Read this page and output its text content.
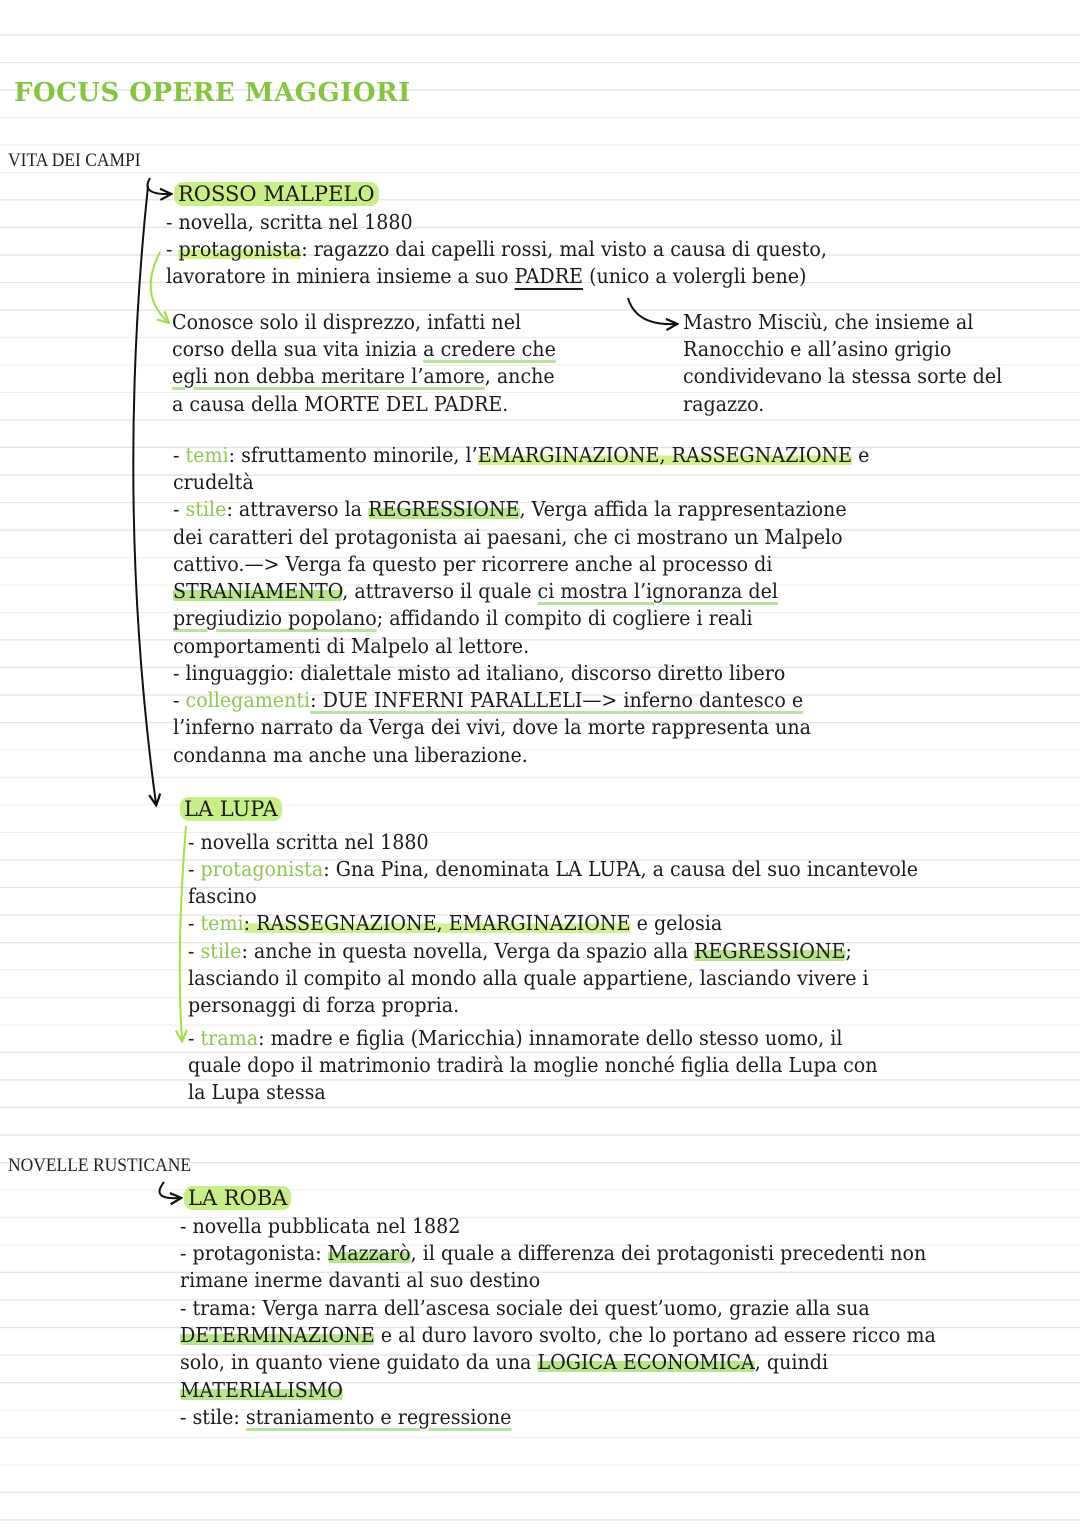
FOCUS OPERE MAGGIORI
VITA DEI CAMPI
ROSSO MALPELO
- novella, scritta nel 1880
- protagonista: ragazzo dai capelli rossi, mal visto a causa di questo,
lavoratore in miniera insieme a suo PADRE (unico a volergli bene)
Conosce solo il disprezzo, infatti nel
corso della sua vita inizia a credere che
egli non debba meritare l’amore, anche
a causa della MORTE DEL PADRE.
Mastro Misciù, che insieme al
Ranocchio e all’asino grigio
condividevano la stessa sorte del
ragazzo.
- temi: sfruttamento minorile, l’EMARGINAZIONE, RASSEGNAZIONE e
crudeltà
- stile: attraverso la REGRESSIONE, Verga affida la rappresentazione
dei caratteri del protagonista ai paesani, che ci mostrano un Malpelo
cattivo.—> Verga fa questo per ricorrere anche al processo di
STRANIAMENTO, attraverso il quale ci mostra l’ignoranza del
pregiudizio popolano; affidando il compito di cogliere i reali
comportamenti di Malpelo al lettore.
- linguaggio: dialettale misto ad italiano, discorso diretto libero
- collegamenti: DUE INFERNI PARALLELI—> inferno dantesco e
l’inferno narrato da Verga dei vivi, dove la morte rappresenta una
condanna ma anche una liberazione.
LA LUPA
- novella scritta nel 1880
- protagonista: Gna Pina, denominata LA LUPA, a causa del suo incantevole
fascino
- temi: RASSEGNAZIONE, EMARGINAZIONE e gelosia
- stile: anche in questa novella, Verga da spazio alla REGRESSIONE;
lasciando il compito al mondo alla quale appartiene, lasciando vivere i
personaggi di forza propria.
- trama: madre e figlia (Maricchia) innamorate dello stesso uomo, il
quale dopo il matrimonio tradirà la moglie nonché figlia della Lupa con
la Lupa stessa
NOVELLE RUSTICANE
LA ROBA
- novella pubblicata nel 1882
- protagonista: Mazzarò, il quale a differenza dei protagonisti precedenti non
rimane inerme davanti al suo destino
- trama: Verga narra dell’ascesa sociale dei quest’uomo, grazie alla sua
DETERMINAZIONE e al duro lavoro svolto, che lo portano ad essere ricco ma
solo, in quanto viene guidato da una LOGICA ECONOMICA, quindi
MATERIALISMO
- stile: straniamento e regressione
